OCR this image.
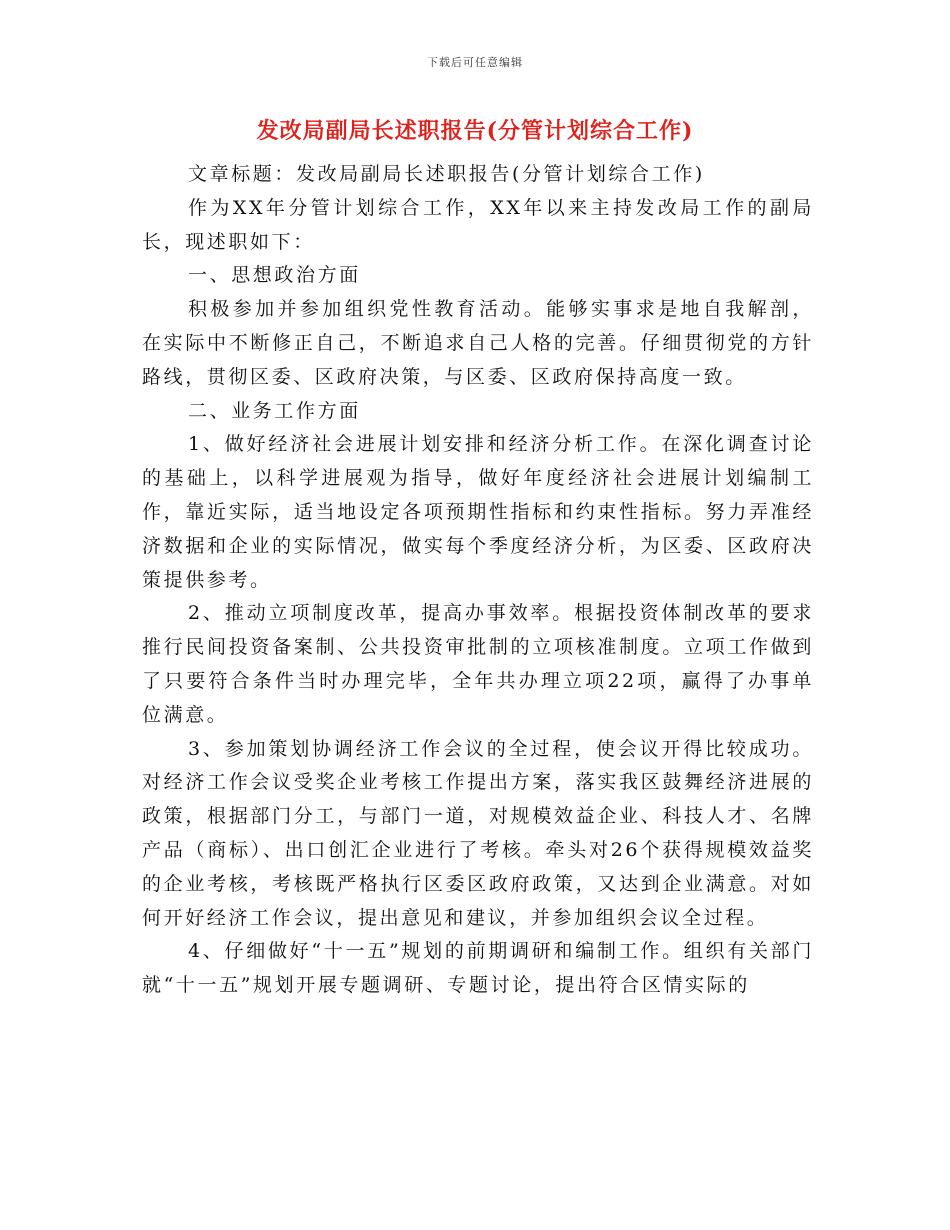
下载后可任意编辑
发改局副局长述职报告(分管计划综合工作)

文章标题：发改局副局长述职报告(分管计划综合工作)

作为XX年分管计划综合工作，XX年以来主持发改局工作的副局长，现述职如下：

一、思想政治方面

积极参加并参加组织党性教育活动。能够实事求是地自我解剖，在实际中不断修正自己，不断追求自己人格的完善。仔细贯彻党的方针路线，贯彻区委、区政府决策，与区委、区政府保持高度一致。

二、业务工作方面

1、做好经济社会进展计划安排和经济分析工作。在深化调查讨论的基础上，以科学进展观为指导，做好年度经济社会进展计划编制工作，靠近实际，适当地设定各项预期性指标和约束性指标。努力弄准经济数据和企业的实际情况，做实每个季度经济分析，为区委、区政府决策提供参考。

2、推动立项制度改革，提高办事效率。根据投资体制改革的要求推行民间投资备案制、公共投资审批制的立项核准制度。立项工作做到了只要符合条件当时办理完毕，全年共办理立项22项，赢得了办事单位满意。

3、参加策划协调经济工作会议的全过程，使会议开得比较成功。对经济工作会议受奖企业考核工作提出方案，落实我区鼓舞经济进展的政策，根据部门分工，与部门一道，对规模效益企业、科技人才、名牌产品（商标）、出口创汇企业进行了考核。牵头对26个获得规模效益奖的企业考核，考核既严格执行区委区政府政策，又达到企业满意。对如何开好经济工作会议，提出意见和建议，并参加组织会议全过程。

4、仔细做好“十一五”规划的前期调研和编制工作。组织有关部门就“十一五”规划开展专题调研、专题讨论，提出符合区情实际的
